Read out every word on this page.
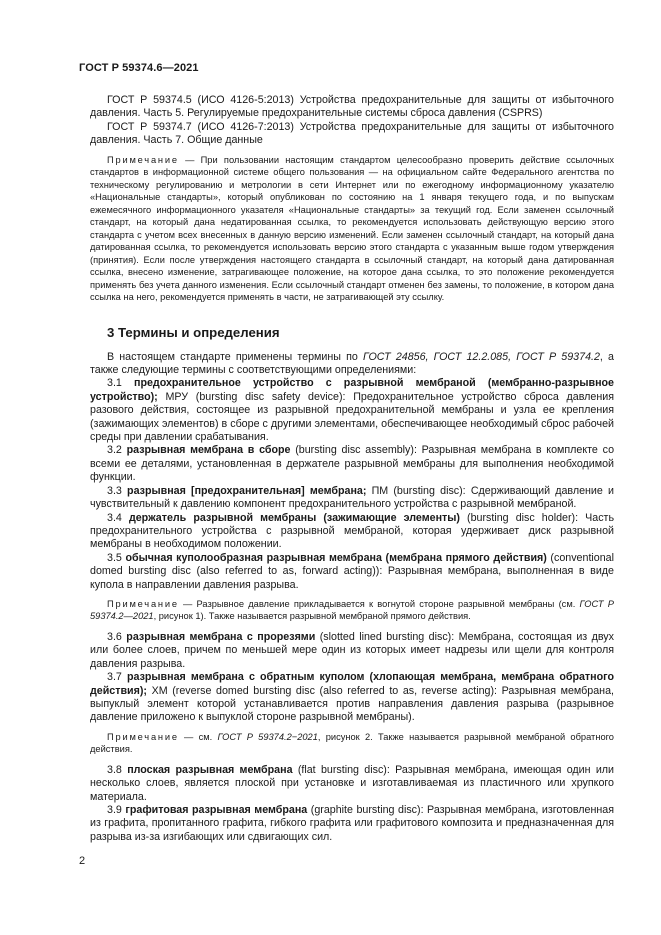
ГОСТ Р 59374.6—2021

ГОСТ Р 59374.5 (ИСО 4126-5:2013) Устройства предохранительные для защиты от избыточного давления. Часть 5. Регулируемые предохранительные системы сброса давления (CSPRS)

ГОСТ Р 59374.7 (ИСО 4126-7:2013) Устройства предохранительные для защиты от избыточного давления. Часть 7. Общие данные

Примечание — При пользовании настоящим стандартом целесообразно проверить действие ссылочных стандартов в информационной системе общего пользования — на официальном сайте Федерального агентства по техническому регулированию и метрологии в сети Интернет или по ежегодному информационному указателю «Национальные стандарты», который опубликован по состоянию на 1 января текущего года, и по выпускам ежемесячного информационного указателя «Национальные стандарты» за текущий год. Если заменен ссылочный стандарт, на который дана недатированная ссылка, то рекомендуется использовать действующую версию этого стандарта с учетом всех внесенных в данную версию изменений. Если заменен ссылочный стандарт, на который дана датированная ссылка, то рекомендуется использовать версию этого стандарта с указанным выше годом утверждения (принятия). Если после утверждения настоящего стандарта в ссылочный стандарт, на который дана датированная ссылка, внесено изменение, затрагивающее положение, на которое дана ссылка, то это положение рекомендуется применять без учета данного изменения. Если ссылочный стандарт отменен без замены, то положение, в котором дана ссылка на него, рекомендуется применять в части, не затрагивающей эту ссылку.

3 Термины и определения

В настоящем стандарте применены термины по ГОСТ 24856, ГОСТ 12.2.085, ГОСТ Р 59374.2, а также следующие термины с соответствующими определениями:

3.1 предохранительное устройство с разрывной мембраной (мембранно-разрывное устройство); МРУ (bursting disc safety device): Предохранительное устройство сброса давления разового действия, состоящее из разрывной предохранительной мембраны и узла ее крепления (зажимающих элементов) в сборе с другими элементами, обеспечивающее необходимый сброс рабочей среды при давлении срабатывания.

3.2 разрывная мембрана в сборе (bursting disc assembly): Разрывная мембрана в комплекте со всеми ее деталями, установленная в держателе разрывной мембраны для выполнения необходимой функции.

3.3 разрывная [предохранительная] мембрана; ПМ (bursting disc): Сдерживающий давление и чувствительный к давлению компонент предохранительного устройства с разрывной мембраной.

3.4 держатель разрывной мембраны (зажимающие элементы) (bursting disc holder): Часть предохранительного устройства с разрывной мембраной, которая удерживает диск разрывной мембраны в необходимом положении.

3.5 обычная куполообразная разрывная мембрана (мембрана прямого действия) (conventional domed bursting disc (also referred to as, forward acting)): Разрывная мембрана, выполненная в виде купола в направлении давления разрыва.

Примечание — Разрывное давление прикладывается к вогнутой стороне разрывной мембраны (см. ГОСТ Р 59374.2—2021, рисунок 1). Также называется разрывной мембраной прямого действия.

3.6 разрывная мембрана с прорезями (slotted lined bursting disc): Мембрана, состоящая из двух или более слоев, причем по меньшей мере один из которых имеет надрезы или щели для контроля давления разрыва.

3.7 разрывная мембрана с обратным куполом (хлопающая мембрана, мембрана обратного действия); ХМ (reverse domed bursting disc (also referred to as, reverse acting): Разрывная мембрана, выпуклый элемент которой устанавливается против направления давления разрыва (разрывное давление приложено к выпуклой стороне разрывной мембраны).

Примечание — см. ГОСТ Р 59374.2−2021, рисунок 2. Также называется разрывной мембраной обратного действия.

3.8 плоская разрывная мембрана (flat bursting disc): Разрывная мембрана, имеющая один или несколько слоев, является плоской при установке и изготавливаемая из пластичного или хрупкого материала.

3.9 графитовая разрывная мембрана (graphite bursting disc): Разрывная мембрана, изготовленная из графита, пропитанного графита, гибкого графита или графитового композита и предназначенная для разрыва из-за изгибающих или сдвигающих сил.

2
